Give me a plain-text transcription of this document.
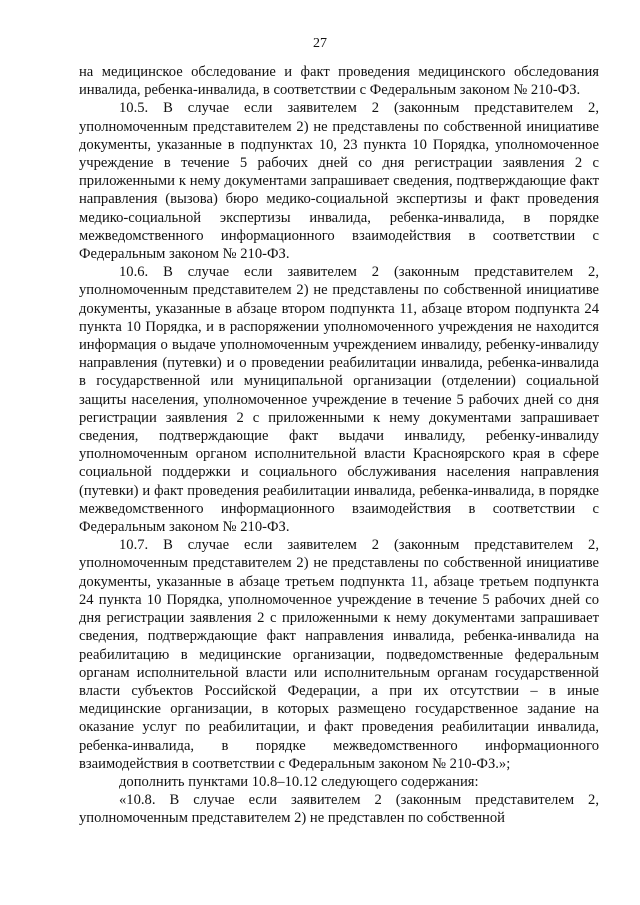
27

на медицинское обследование и факт проведения медицинского обследования инвалида, ребенка-инвалида, в соответствии с Федеральным законом № 210-ФЗ.

10.5. В случае если заявителем 2 (законным представителем 2, уполномоченным представителем 2) не представлены по собственной инициативе документы, указанные в подпунктах 10, 23 пункта 10 Порядка, уполномоченное учреждение в течение 5 рабочих дней со дня регистрации заявления 2 с приложенными к нему документами запрашивает сведения, подтверждающие факт направления (вызова) бюро медико-социальной экспертизы и факт проведения медико-социальной экспертизы инвалида, ребенка-инвалида, в порядке межведомственного информационного взаимодействия в соответствии с Федеральным законом № 210-ФЗ.

10.6. В случае если заявителем 2 (законным представителем 2, уполномоченным представителем 2) не представлены по собственной инициативе документы, указанные в абзаце втором подпункта 11, абзаце втором подпункта 24 пункта 10 Порядка, и в распоряжении уполномоченного учреждения не находится информация о выдаче уполномоченным учреждением инвалиду, ребенку-инвалиду направления (путевки) и о проведении реабилитации инвалида, ребенка-инвалида в государственной или муниципальной организации (отделении) социальной защиты населения, уполномоченное учреждение в течение 5 рабочих дней со дня регистрации заявления 2 с приложенными к нему документами запрашивает сведения, подтверждающие факт выдачи инвалиду, ребенку-инвалиду уполномоченным органом исполнительной власти Красноярского края в сфере социальной поддержки и социального обслуживания населения направления (путевки) и факт проведения реабилитации инвалида, ребенка-инвалида, в порядке межведомственного информационного взаимодействия в соответствии с Федеральным законом № 210-ФЗ.

10.7. В случае если заявителем 2 (законным представителем 2, уполномоченным представителем 2) не представлены по собственной инициативе документы, указанные в абзаце третьем подпункта 11, абзаце третьем подпункта 24 пункта 10 Порядка, уполномоченное учреждение в течение 5 рабочих дней со дня регистрации заявления 2 с приложенными к нему документами запрашивает сведения, подтверждающие факт направления инвалида, ребенка-инвалида на реабилитацию в медицинские организации, подведомственные федеральным органам исполнительной власти или исполнительным органам государственной власти субъектов Российской Федерации, а при их отсутствии – в иные медицинские организации, в которых размещено государственное задание на оказание услуг по реабилитации, и факт проведения реабилитации инвалида, ребенка-инвалида, в порядке межведомственного информационного взаимодействия в соответствии с Федеральным законом № 210-ФЗ.»;

дополнить пунктами 10.8–10.12 следующего содержания:

«10.8. В случае если заявителем 2 (законным представителем 2, уполномоченным представителем 2) не представлен по собственной
